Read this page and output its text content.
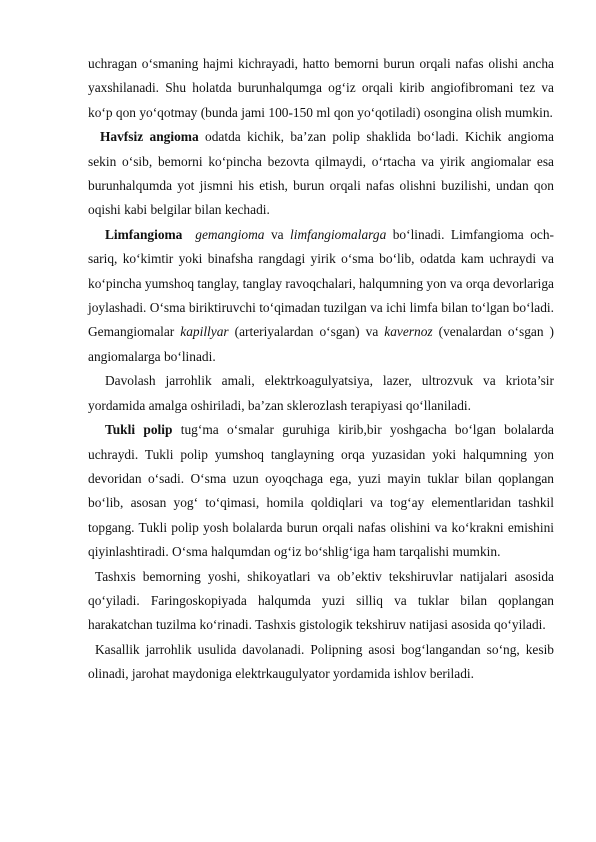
uchragan o‘smaning hajmi kichrayadi, hatto bemorni burun orqali nafas olishi ancha yaxshilanadi. Shu holatda burunhalqumga og‘iz orqali kirib angiofibromani tez va ko‘p qon yo‘qotmay (bunda jami 100-150 ml qon yo‘qotiladi) osongina olish mumkin.

Havfsiz angioma odatda kichik, ba’zan polip shaklida bo‘ladi. Kichik angioma sekin o‘sib, bemorni ko‘pincha bezovta qilmaydi, o‘rtacha va yirik angiomalar esa burunhalqumda yot jismni his etish, burun orqali nafas olishni buzilishi, undan qon oqishi kabi belgilar bilan kechadi.

Limfangioma gemangioma va limfangiomalarga bo‘linadi. Limfangioma och-sariq, ko‘kimtir yoki binafsha rangdagi yirik o‘sma bo‘lib, odatda kam uchraydi va ko‘pincha yumshoq tanglay, tanglay ravoqchalari, halqumning yon va orqa devorlariga joylashadi. O‘sma biriktiruvchi to‘qimadan tuzilgan va ichi limfa bilan to‘lgan bo‘ladi. Gemangiomalar kapillyar (arteriyalardan o‘sgan) va kavernoz (venalardan o‘sgan ) angiomalarga bo‘linadi.

Davolash jarrohlik amali, elektrkoagulyatsiya, lazer, ultrozvuk va kriota’sir yordamida amalga oshiriladi, ba’zan sklerozlash terapiyasi qo‘llaniladi.

Tukli polip tug‘ma o‘smalar guruhiga kirib,bir yoshgacha bo‘lgan bolalarda uchraydi. Tukli polip yumshoq tanglayning orqa yuzasidan yoki halqumning yon devoridan o‘sadi. O‘sma uzun oyoqchaga ega, yuzi mayin tuklar bilan qoplangan bo‘lib, asosan yog‘ to‘qimasi, homila qoldiqlari va tog‘ay elementlaridan tashkil topgang. Tukli polip yosh bolalarda burun orqali nafas olishini va ko‘krakni emishini qiyinlashtiradi. O‘sma halqumdan og‘iz bo‘shlig‘iga ham tarqalishi mumkin.

Tashxis bemorning yoshi, shikoyatlari va ob’ektiv tekshiruvlar natijalari asosida qo‘yiladi. Faringoskopiyada halqumda yuzi silliq va tuklar bilan qoplangan harakatchan tuzilma ko‘rinadi. Tashxis gistologik tekshiruv natijasi asosida qo‘yiladi.

Kasallik jarrohlik usulida davolanadi. Polipning asosi bog‘langandan so‘ng, kesib olinadi, jarohat maydoniga elektrkaugulyator yordamida ishlov beriladi.
